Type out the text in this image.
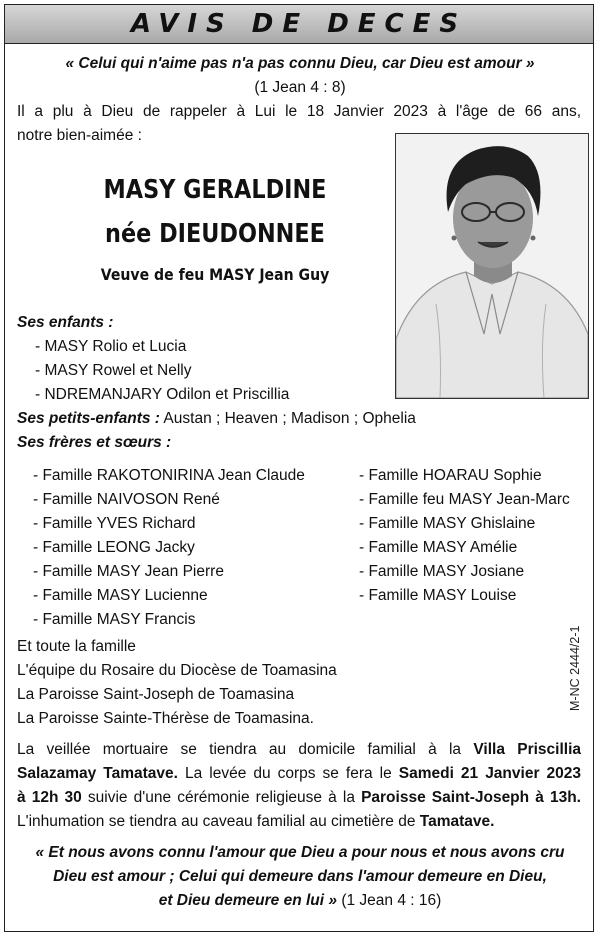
AVIS DE DECES
« Celui qui n'aime pas n'a pas connu Dieu, car Dieu est amour »
(1 Jean 4 : 8)
Il a plu à Dieu de rappeler à Lui le 18 Janvier 2023 à l'âge de 66 ans,
notre bien-aimée :
MASY GERALDINE
née DIEUDONNEE
Veuve de feu MASY Jean Guy
Ses enfants :
- MASY Rolio et Lucia
- MASY Rowel et Nelly
- NDREMANJARY Odilon et Priscillia
Ses petits-enfants : Austan ; Heaven ; Madison ; Ophelia
Ses frères et sœurs :
- Famille RAKOTONIRINA Jean Claude
- Famille NAIVOSON René
- Famille YVES Richard
- Famille LEONG Jacky
- Famille MASY Jean Pierre
- Famille MASY Lucienne
- Famille MASY Francis
- Famille HOARAU Sophie
- Famille feu MASY Jean-Marc
- Famille MASY Ghislaine
- Famille MASY Amélie
- Famille MASY Josiane
- Famille MASY Louise
Et toute la famille
L'équipe du Rosaire du Diocèse de Toamasina
La Paroisse Saint-Joseph de Toamasina
La Paroisse Sainte-Thérèse de Toamasina.
M-NC 2444/2-1
La veillée mortuaire se tiendra au domicile familial à la Villa Priscillia
Salazamay Tamatave. La levée du corps se fera le Samedi 21 Janvier 2023
à 12h 30 suivie d'une cérémonie religieuse à la Paroisse Saint-Joseph à 13h.
L'inhumation se tiendra au caveau familial au cimetière de Tamatave.
« Et nous avons connu l'amour que Dieu a pour nous et nous avons cru
Dieu est amour ; Celui qui demeure dans l'amour demeure en Dieu,
et Dieu demeure en lui » (1 Jean 4 : 16)
